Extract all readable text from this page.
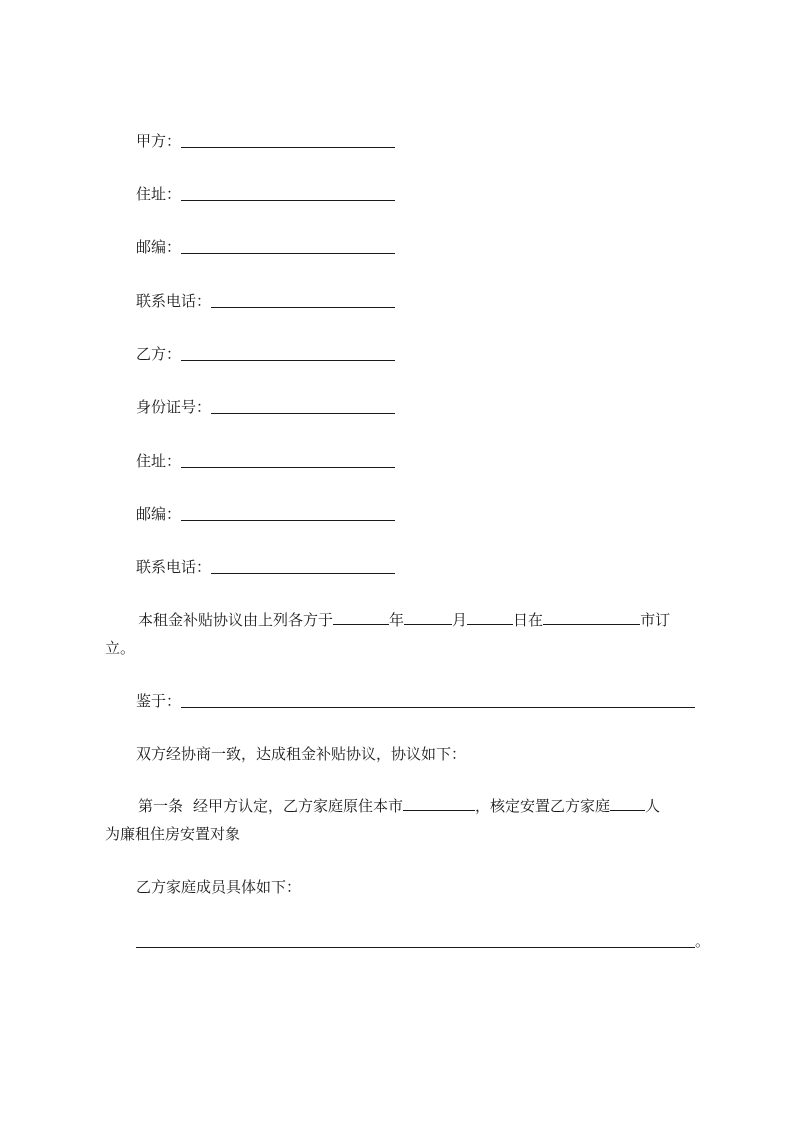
甲方：
住址：
邮编：
联系电话：
乙方：
身份证号：
住址：
邮编：
联系电话：
本租金补贴协议由上列各方于	年	月	日在	市订
立。
鉴于：
双方经协商一致，达成租金补贴协议，协议如下：
第一条 经甲方认定，乙方家庭原住本市	，核定安置乙方家庭 人
为廉租住房安置对象
乙方家庭成员具体如下：
。
